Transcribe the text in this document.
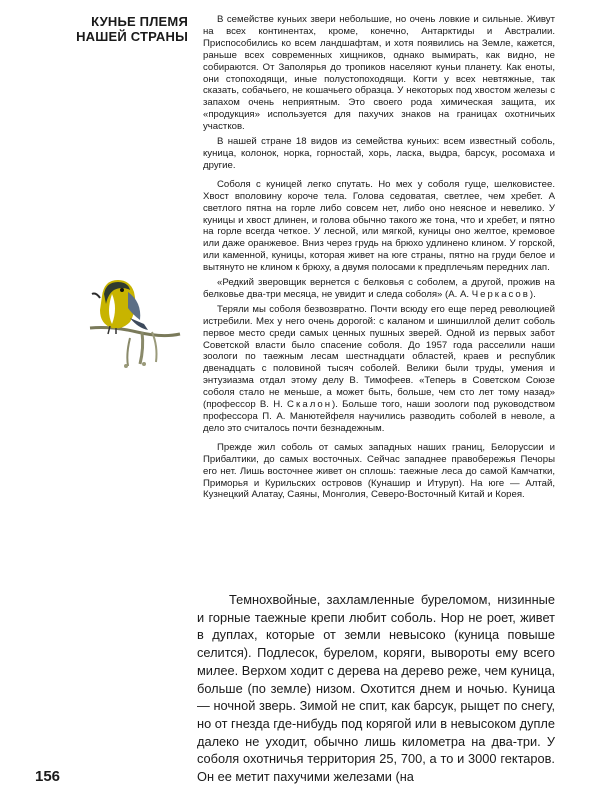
КУНЬЕ ПЛЕМЯ
НАШЕЙ СТРАНЫ

В семействе куньих звери небольшие, но очень ловкие и сильные. Живут на всех континентах, кроме, конечно, Антарктиды и Австралии. Приспособились ко всем ландшафтам, и хотя появились на Земле, кажется, раньше всех современных хищников, однако вымирать, как видно, не собираются. От Заполярья до тропиков населяют куньи планету. Как еноты, они стопоходящи, иные полустопоходящи. Когти у всех невтяжные, так сказать, собачьего, не кошачьего образца. У некоторых под хвостом железы с запахом очень неприятным. Это своего рода химическая защита, их «продукция» используется для пахучих знаков на границах охотничьих участков.

В нашей стране 18 видов из семейства куньих: всем известный соболь, куница, колонок, норка, горностай, хорь, ласка, выдра, барсук, росомаха и другие.

Соболя с куницей легко спутать. Но мех у соболя гуще, шелковистее. Хвост вполовину короче тела. Голова седоватая, светлее, чем хребет. А светлого пятна на горле либо совсем нет, либо оно неясное и невелико. У куницы и хвост длинен, и голова обычно такого же тона, что и хребет, и пятно на горле всегда четкое. У лесной, или мягкой, куницы оно желтое, кремовое или даже оранжевое. Вниз через грудь на брюхо удлинено клином. У горской, или каменной, куницы, которая живет на юге страны, пятно на груди белое и вытянуто не клином к брюху, а двумя полосами к предплечьям передних лап.

«Редкий зверовщик вернется с белковья с соболем, а другой, прожив на белковье два-три месяца, не увидит и следа соболя» (А. А. Черкасов).

Теряли мы соболя безвозвратно. Почти всюду его еще перед революцией истребили. Мех у него очень дорогой: с каланом и шиншиллой делит соболь первое место среди самых ценных пушных зверей. Одной из первых забот Советской власти было спасение соболя. До 1957 года расселили наши зоологи по таежным лесам шестнадцати областей, краев и республик двенадцать с половиной тысяч соболей. Велики были труды, умения и энтузиазма отдал этому делу В. Тимофеев. «Теперь в Советском Союзе соболя стало не меньше, а может быть, больше, чем сто лет тому назад» (профессор В. Н. Скалон). Больше того, наши зоологи под руководством профессора П. А. Манютейфеля научились разводить соболей в неволе, а дело это считалось почти безнадежным.

Прежде жил соболь от самых западных наших границ, Белоруссии и Прибалтики, до самых восточных. Сейчас западнее правобережья Печоры его нет. Лишь восточнее живет он сплошь: таежные леса до самой Камчатки, Приморья и Курильских островов (Кунашир и Итуруп). На юге — Алтай, Кузнецкий Алатау, Саяны, Монголия, Северо-Восточный Китай и Корея.

Темнохвойные, захламленные буреломом, низинные и горные таежные крепи любит соболь. Нор не роет, живет в дуплах, которые от земли невысоко (куница повыше селится). Подлесок, бурелом, коряги, вывороты ему всего милее. Верхом ходит с дерева на дерево реже, чем куница, больше (по земле) низом. Охотится днем и ночью. Куница — ночной зверь. Зимой не спит, как барсук, рыщет по снегу, но от гнезда где-нибудь под корягой или в невысоком дупле далеко не уходит, обычно лишь километра на два-три. У соболя охотничья территория 25, 700, а то и 3000 гектаров. Он ее метит пахучими железами (на

156
